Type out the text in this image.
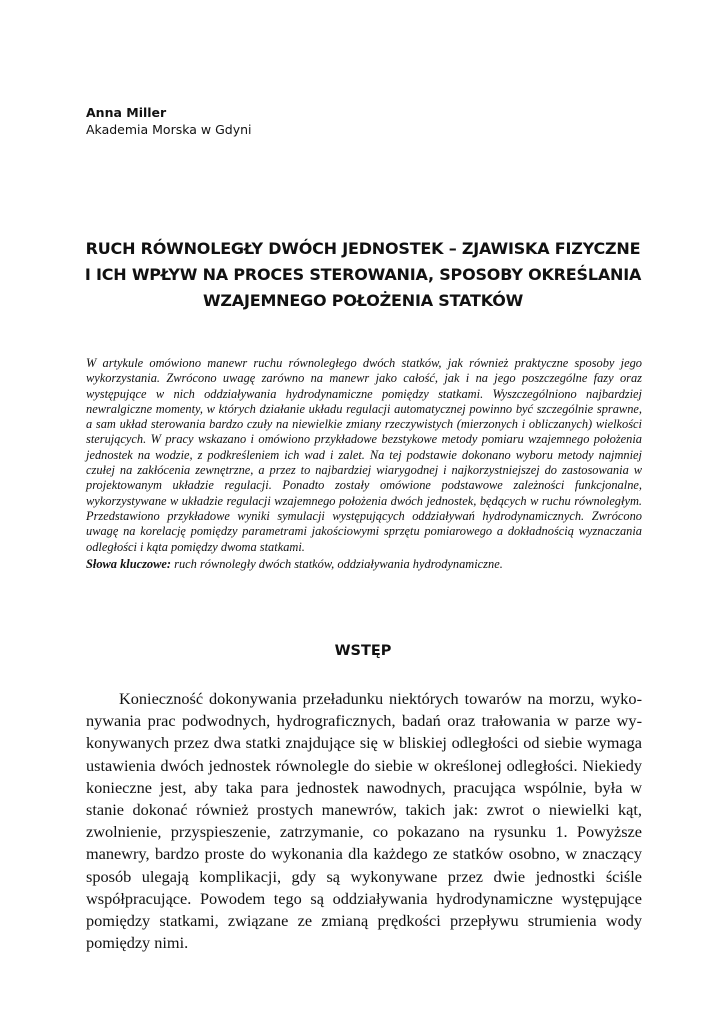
Anna Miller
Akademia Morska w Gdyni
RUCH RÓWNOLEGŁY DWÓCH JEDNOSTEK – ZJAWISKA FIZYCZNE
I ICH WPŁYW NA PROCES STEROWANIA, SPOSOBY OKREŚLANIA
WZAJEMNEGO POŁOŻENIA STATKÓW

W artykule omówiono manewr ruchu równoległego dwóch statków, jak również praktyczne sposoby jego wykorzystania. Zwrócono uwagę zarówno na manewr jako całość, jak i na jego poszczególne fazy oraz występujące w nich oddziaływania hydrodynamiczne pomiędzy statkami. Wyszczególniono najbardziej newralgiczne momenty, w których działanie układu regulacji automatycznej powinno być szczególnie sprawne, a sam układ sterowania bardzo czuły na niewielkie zmiany rzeczywistych (mierzonych i obliczanych) wielkości sterujących. W pracy wskazano i omówiono przykładowe bezstykowe metody pomiaru wzajemnego położenia jednostek na wodzie, z podkreśleniem ich wad i zalet. Na tej podstawie dokonano wyboru metody najmniej czułej na zakłócenia zewnętrzne, a przez to najbardziej wiarygodnej i najkorzystniejszej do zastosowania w projektowanym układzie regulacji. Ponadto zostały omówione podstawowe zależności funkcjonalne, wykorzystywane w układzie regulacji wzajemnego położenia dwóch jednostek, będących w ruchu równoległym. Przedstawiono przykładowe wyniki symulacji występujących oddziaływań hydrodynamicznych. Zwrócono uwagę na korelację pomiędzy parametrami jakościowymi sprzętu pomiarowego a dokładnością wyznaczania odległości i kąta pomiędzy dwoma statkami.

Słowa kluczowe: ruch równoległy dwóch statków, oddziaływania hydrodynamiczne.

WSTĘP

Konieczność dokonywania przeładunku niektórych towarów na morzu, wykonywania prac podwodnych, hydrograficznych, badań oraz trałowania w parze wykonywanych przez dwa statki znajdujące się w bliskiej odległości od siebie wymaga ustawienia dwóch jednostek równolegle do siebie w określonej odległości. Niekiedy konieczne jest, aby taka para jednostek nawodnych, pracująca wspólnie, była w stanie dokonać również prostych manewrów, takich jak: zwrot o niewielki kąt, zwolnienie, przyspieszenie, zatrzymanie, co pokazano na rysunku 1. Powyższe manewry, bardzo proste do wykonania dla każdego ze statków osobno, w znaczący sposób ulegają komplikacji, gdy są wykonywane przez dwie jednostki ściśle współpracujące. Powodem tego są oddziaływania hydrodynamiczne występujące pomiędzy statkami, związane ze zmianą prędkości przepływu strumienia wody pomiędzy nimi.
